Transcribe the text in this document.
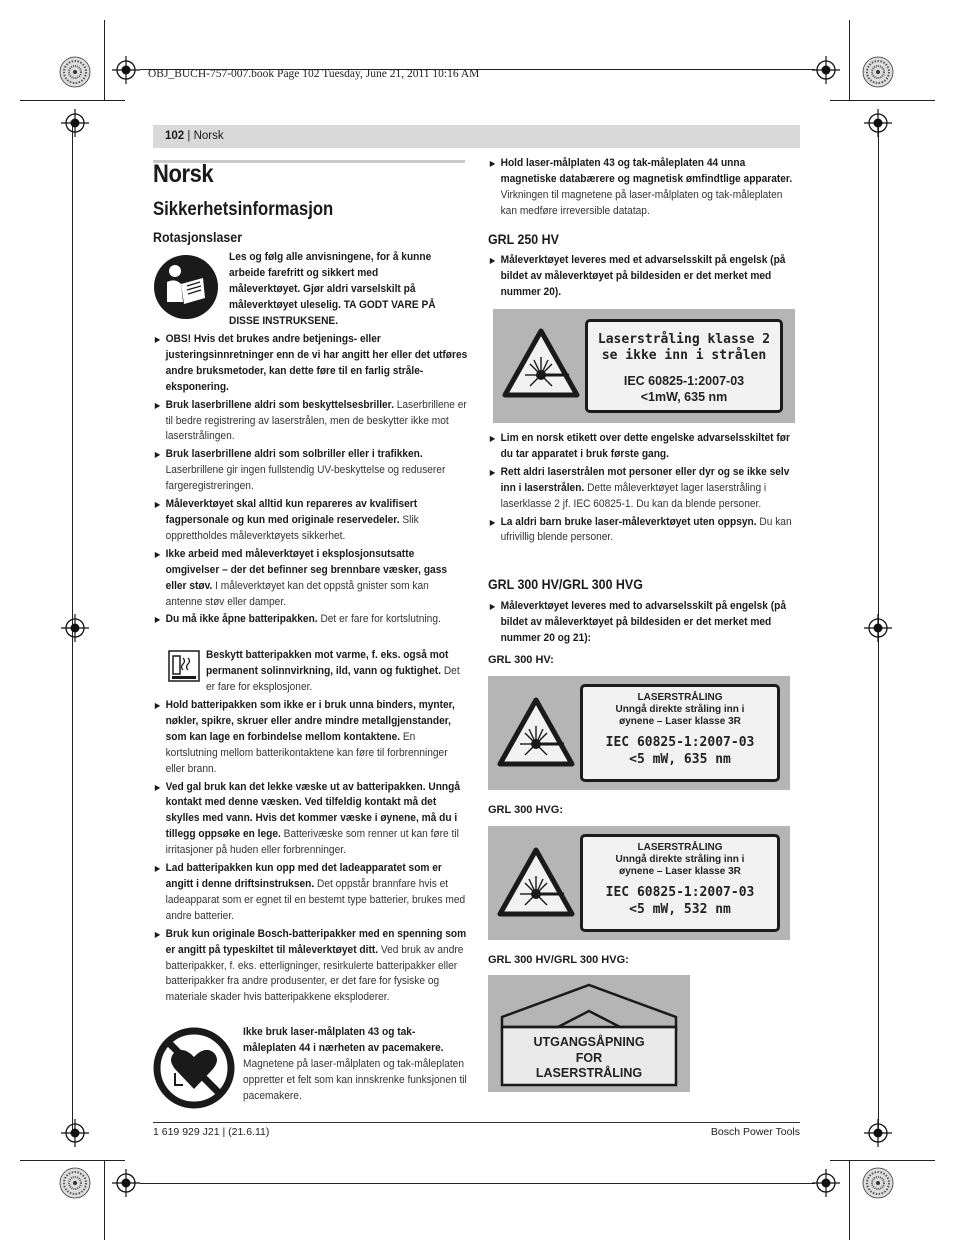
OBJ_BUCH-757-007.book Page 102 Tuesday, June 21, 2011 10:16 AM
102 | Norsk
Norsk
Sikkerhetsinformasjon
Rotasjonslaser
Les og følg alle anvisningene, for å kunne arbeide farefritt og sikkert med måleverktøyet. Gjør aldri varselskilt på måleverktøyet uleselig. TA GODT VARE PÅ DISSE INSTRUKSENE.
▶ OBS! Hvis det brukes andre betjenings- eller justeringsinnretninger enn de vi har angitt her eller det utføres andre bruksmetoder, kan dette føre til en farlig stråle-eksponering.
▶ Bruk laserbrillene aldri som beskyttelsesbriller. Laserbrillene er til bedre registrering av laserstrålen, men de beskytter ikke mot laserstrålingen.
▶ Bruk laserbrillene aldri som solbriller eller i trafikken. Laserbrillene gir ingen fullstendig UV-beskyttelse og reduserer fargeregistreringen.
▶ Måleverktøyet skal alltid kun repareres av kvalifisert fagpersonale og kun med originale reservedeler. Slik opprettholdes måleverktøyets sikkerhet.
▶ Ikke arbeid med måleverktøyet i eksplosjonsutsatte omgivelser – der det befinner seg brennbare væsker, gass eller støv. I måleverktøyet kan det oppstå gnister som kan antenne støv eller damper.
▶ Du må ikke åpne batteripakken. Det er fare for kortslutning.
Beskytt batteripakken mot varme, f. eks. også mot permanent solinnvirkning, ild, vann og fuktighet. Det er fare for eksplosjoner.
▶ Hold batteripakken som ikke er i bruk unna binders, mynter, nøkler, spikre, skruer eller andre mindre metallgjenstander, som kan lage en forbindelse mellom kontaktene. En kortslutning mellom batterikontaktene kan føre til forbrenninger eller brann.
▶ Ved gal bruk kan det lekke væske ut av batteripakken. Unngå kontakt med denne væsken. Ved tilfeldig kontakt må det skylles med vann. Hvis det kommer væske i øynene, må du i tillegg oppsøke en lege. Batterivæske som renner ut kan føre til irritasjoner på huden eller forbrenninger.
▶ Lad batteripakken kun opp med det ladeapparatet som er angitt i denne driftsinstruksen. Det oppstår brannfare hvis et ladeapparat som er egnet til en bestemt type batterier, brukes med andre batterier.
▶ Bruk kun originale Bosch-batteripakker med en spenning som er angitt på typeskiltet til måleverktøyet ditt. Ved bruk av andre batteripakker, f. eks. etterligninger, resirkulerte batteripakker eller batteripakker fra andre produsenter, er det fare for fysiske og materiale skader hvis batteripakkene eksploderer.
Ikke bruk laser-målplaten 43 og tak-måleplaten 44 i nærheten av pacemakere. Magnetene på laser-målplaten og tak-måleplaten oppretter et felt som kan innskrenke funksjonen til pacemakere.
▶ Hold laser-målplaten 43 og tak-måleplaten 44 unna magnetiske databærere og magnetisk ømfindtlige apparater. Virkningen til magnetene på laser-målplaten og tak-måleplaten kan medføre irreversible datatap.
GRL 250 HV
▶ Måleverktøyet leveres med et advarselsskilt på engelsk (på bildet av måleverktøyet på bildesiden er det merket med nummer 20).
Laserstråling klasse 2
se ikke inn i strålen
IEC 60825-1:2007-03
<1mW, 635 nm
▶ Lim en norsk etikett over dette engelske advarselsskiltet før du tar apparatet i bruk første gang.
▶ Rett aldri laserstrålen mot personer eller dyr og se ikke selv inn i laserstrålen. Dette måleverktøyet lager laserstråling i laserklasse 2 jf. IEC 60825-1. Du kan da blende personer.
▶ La aldri barn bruke laser-måleverktøyet uten oppsyn. Du kan ufrivillig blende personer.
GRL 300 HV/GRL 300 HVG
▶ Måleverktøyet leveres med to advarselsskilt på engelsk (på bildet av måleverktøyet på bildesiden er det merket med nummer 20 og 21):
GRL 300 HV:
LASERSTRÅLING
Unngå direkte stråling inn i
øynene – Laser klasse 3R
IEC 60825-1:2007-03
<5 mW, 635 nm
GRL 300 HVG:
LASERSTRÅLING
Unngå direkte stråling inn i
øynene – Laser klasse 3R
IEC 60825-1:2007-03
<5 mW, 532 nm
GRL 300 HV/GRL 300 HVG:
UTGANGSÅPNING
FOR
LASERSTRÅLING
1 619 929 J21 | (21.6.11)	Bosch Power Tools
